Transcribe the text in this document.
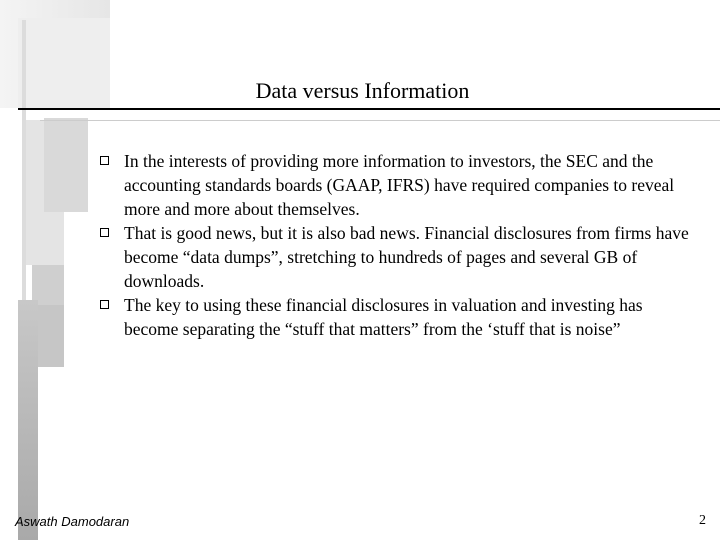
Data versus Information
In the interests of providing more information to investors, the SEC and the accounting standards boards (GAAP, IFRS) have required companies to reveal more and more about themselves.
That is good news, but it is also bad news. Financial disclosures from firms have become “data dumps”, stretching to hundreds of pages and several GB of downloads.
The key to using these financial disclosures in valuation and investing has become separating the “stuff that matters” from the ‘stuff that is noise”
Aswath Damodaran	2
